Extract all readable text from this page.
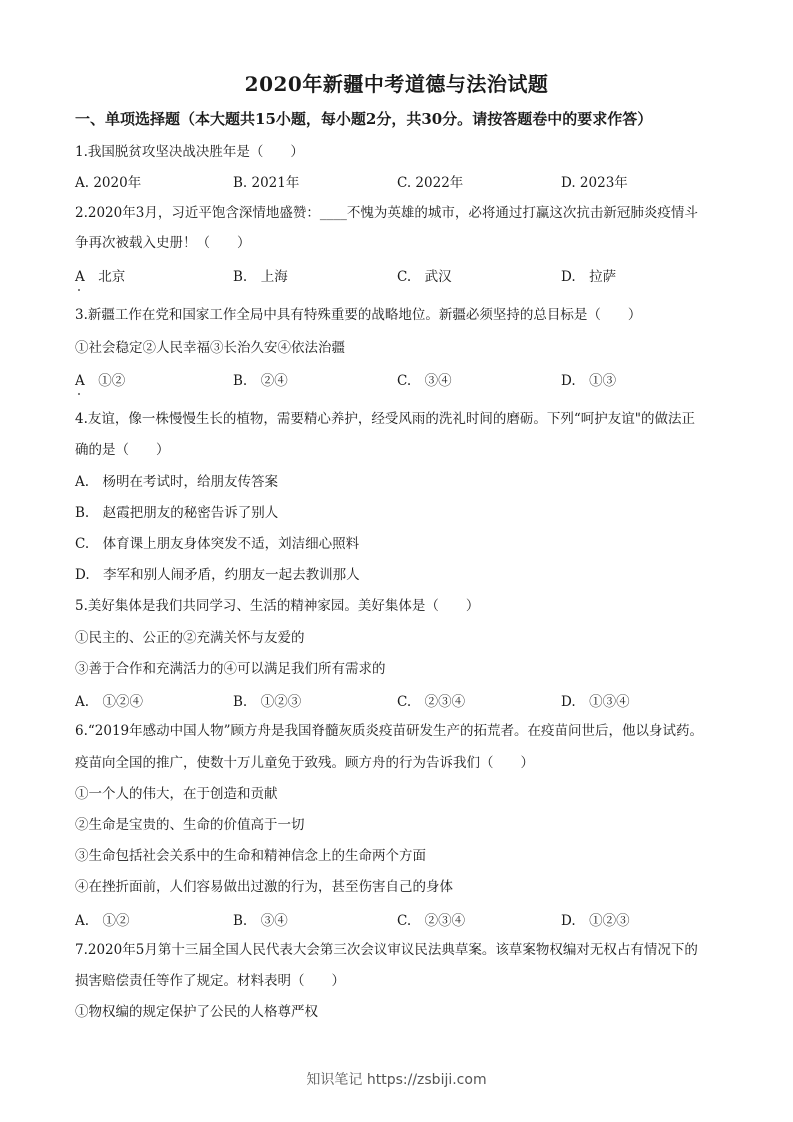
2020年新疆中考道德与法治试题
一、单项选择题（本大题共15小题，每小题2分，共30分。请按答题卷中的要求作答）
1.我国脱贫攻坚决战决胜年是（　　）
A. 2020年	B. 2021年	C. 2022年	D. 2023年
2.2020年3月，习近平饱含深情地盛赞：____不愧为英雄的城市，必将通过打赢这次抗击新冠肺炎疫情斗
争再次被载入史册！（　　）
A　北京	B.　上海	C.　武汉	D.　拉萨
3.新疆工作在党和国家工作全局中具有特殊重要的战略地位。新疆必须坚持的总目标是（　　）
①社会稳定②人民幸福③长治久安④依法治疆
A　①②	B.　②④	C.　③④	D.　①③
4.友谊，像一株慢慢生长的植物，需要精心养护，经受风雨的洗礼时间的磨砺。下列“呵护友谊"的做法正
确的是（　　）
A.　杨明在考试时，给朋友传答案
B.　赵霞把朋友的秘密告诉了别人
C.　体育课上朋友身体突发不适，刘洁细心照料
D.　李军和别人闹矛盾，约朋友一起去教训那人
5.美好集体是我们共同学习、生活的精神家园。美好集体是（　　）
①民主的、公正的②充满关怀与友爱的
③善于合作和充满活力的④可以满足我们所有需求的
A.　①②④	B.　①②③	C.　②③④	D.　①③④
6.“2019年感动中国人物”顾方舟是我国脊髓灰质炎疫苗研发生产的拓荒者。在疫苗问世后，他以身试药。
疫苗向全国的推广，使数十万儿童免于致残。顾方舟的行为告诉我们（　　）
①一个人的伟大，在于创造和贡献
②生命是宝贵的、生命的价值高于一切
③生命包括社会关系中的生命和精神信念上的生命两个方面
④在挫折面前，人们容易做出过激的行为，甚至伤害自己的身体
A.　①②	B.　③④	C.　②③④	D.　①②③
7.2020年5月第十三届全国人民代表大会第三次会议审议民法典草案。该草案物权编对无权占有情况下的
损害赔偿责任等作了规定。材料表明（　　）
①物权编的规定保护了公民的人格尊严权
知识笔记 https://zsbiji.com
